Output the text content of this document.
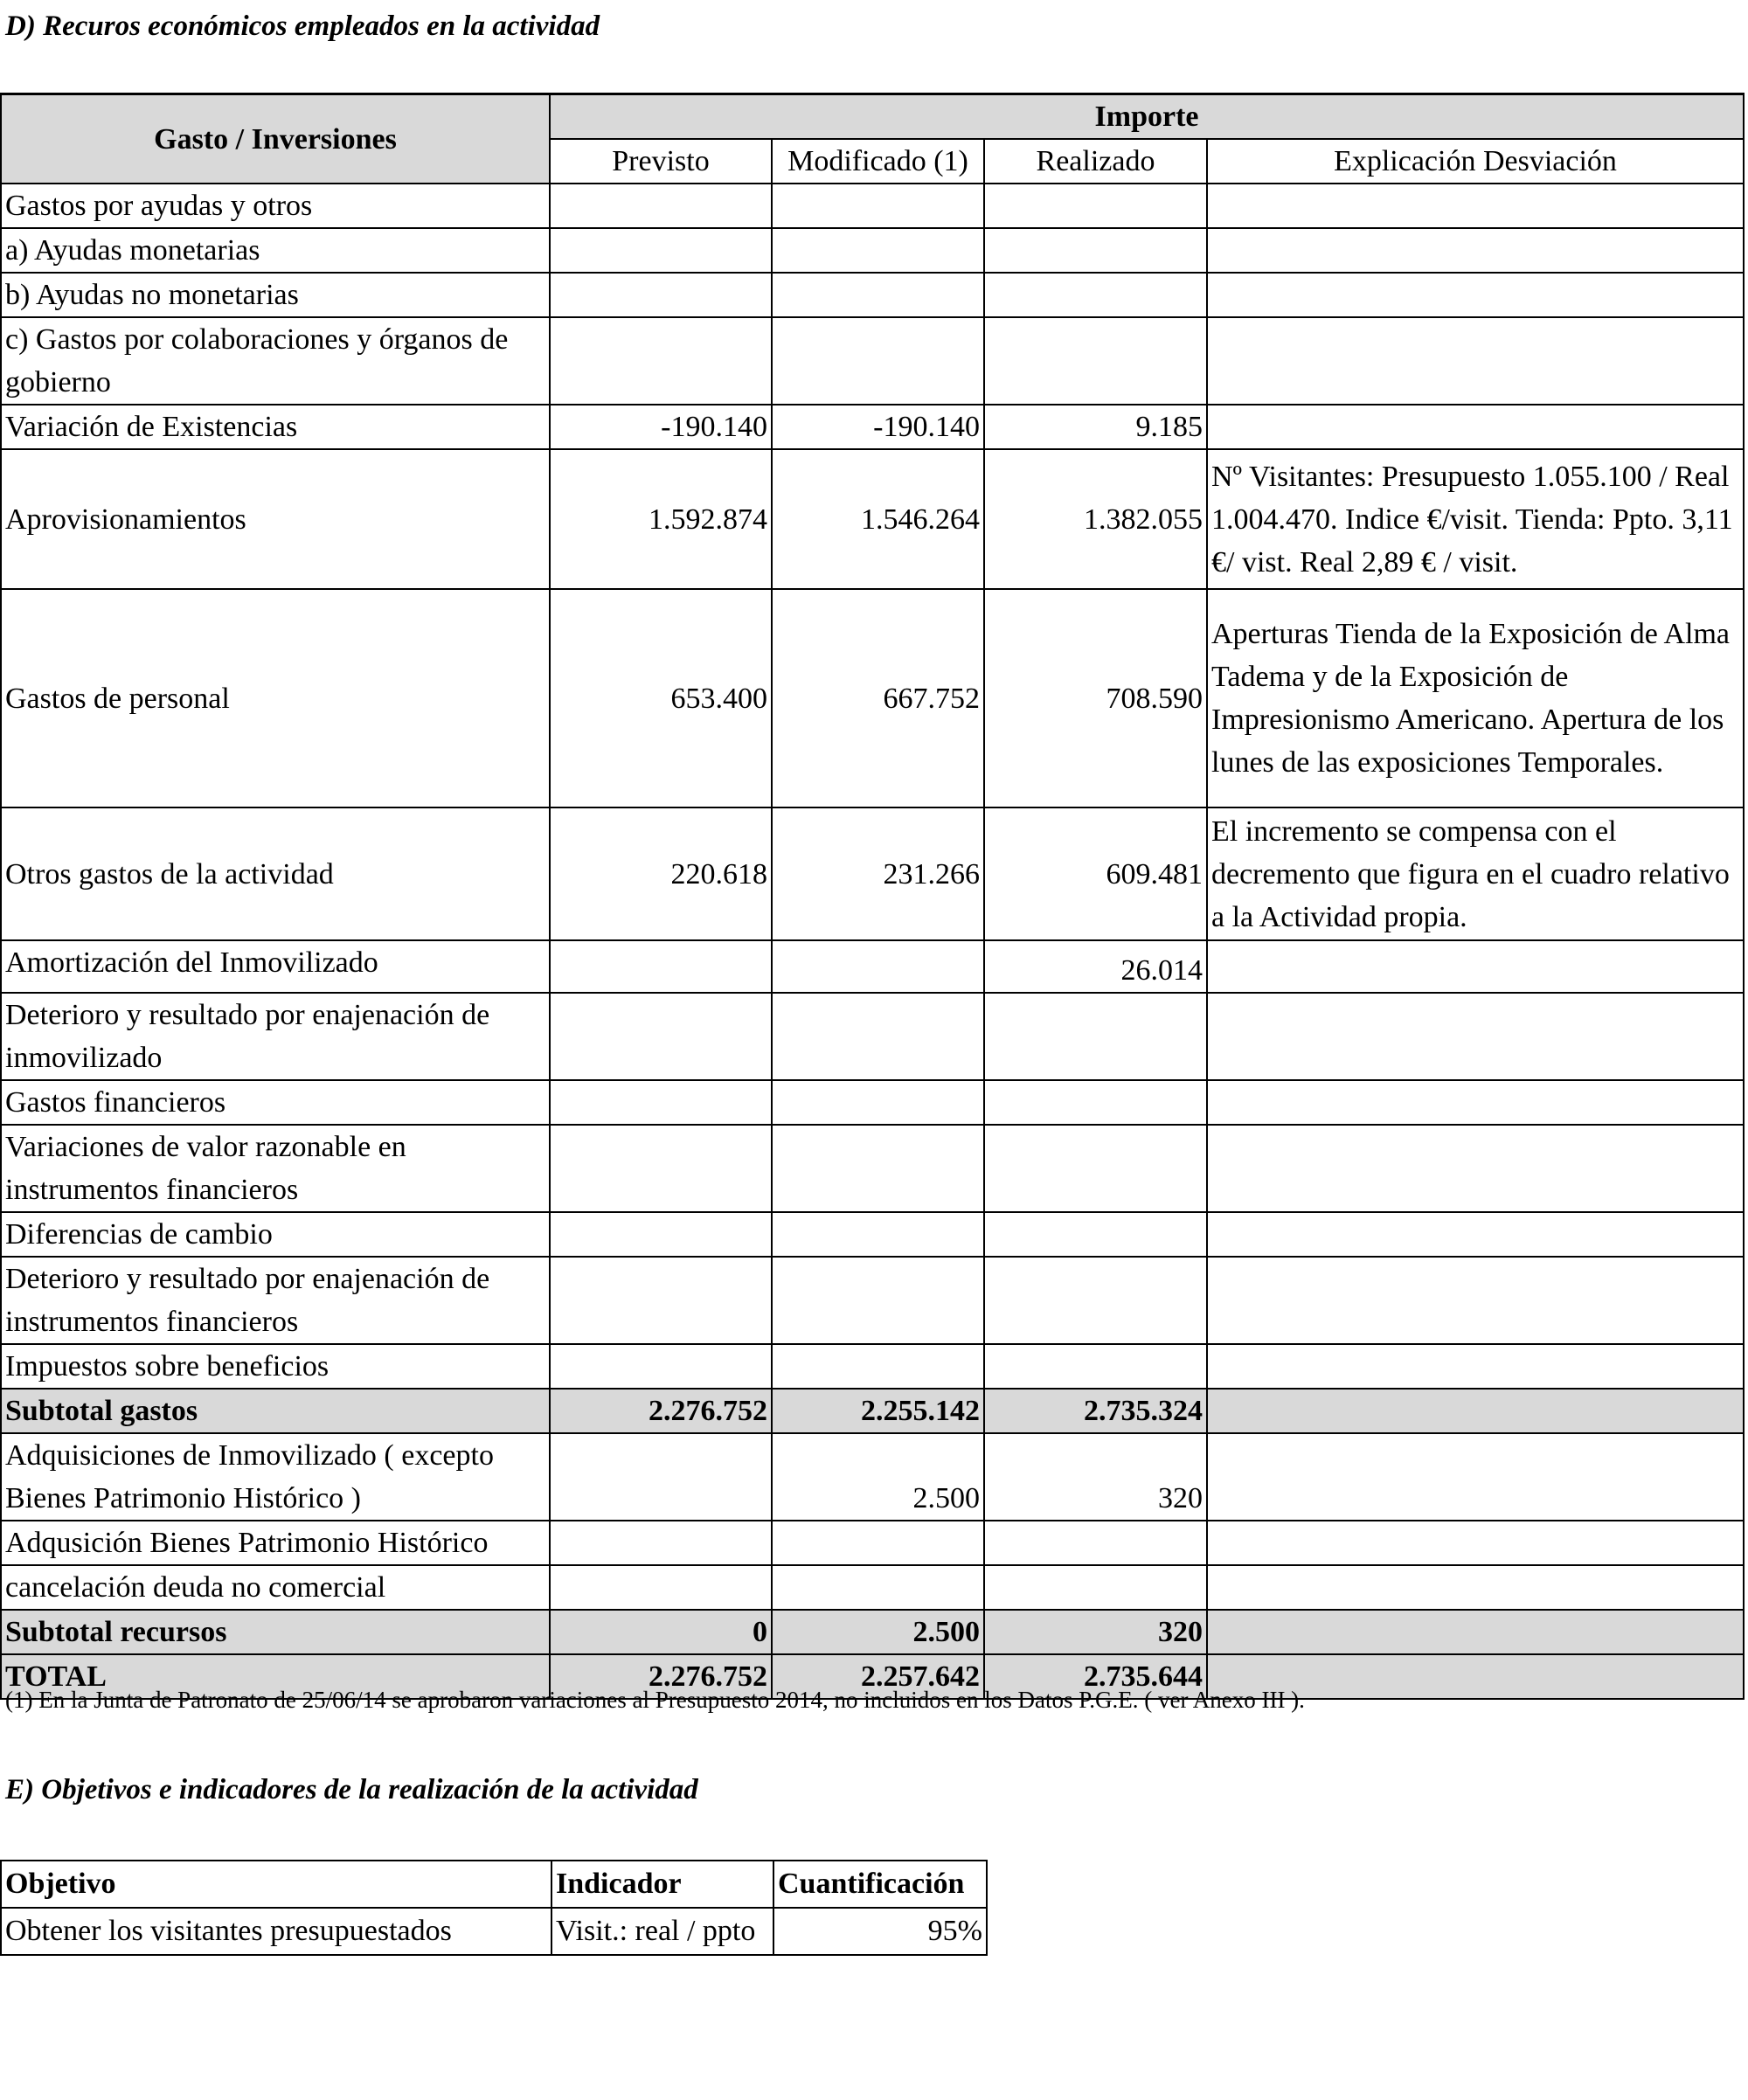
D) Recuros económicos empleados en la actividad

Gasto / Inversiones	Importe			
	Previsto	Modificado (1)	Realizado	Explicación Desviación
Gastos por ayudas y otros				
a) Ayudas monetarias				
b) Ayudas no monetarias				
c) Gastos por colaboraciones y órganos de gobierno				
Variación de Existencias	-190.140	-190.140	9.185	
Aprovisionamientos	1.592.874	1.546.264	1.382.055	Nº Visitantes: Presupuesto 1.055.100 / Real 1.004.470. Indice €/visit. Tienda: Ppto. 3,11 €/ vist. Real 2,89 € / visit.
Gastos de personal	653.400	667.752	708.590	Aperturas Tienda de la Exposición de Alma Tadema y de la Exposición de Impresionismo Americano. Apertura de los lunes de las exposiciones Temporales.
Otros gastos de la actividad	220.618	231.266	609.481	El incremento se compensa con el decremento que figura en el cuadro relativo a la Actividad propia.
Amortización del Inmovilizado			26.014	
Deterioro y resultado por enajenación de inmovilizado				
Gastos financieros				
Variaciones de valor razonable en instrumentos financieros				
Diferencias de cambio				
Deterioro y resultado por enajenación de instrumentos financieros				
Impuestos sobre beneficios				
Subtotal gastos	2.276.752	2.255.142	2.735.324	
Adquisiciones de Inmovilizado ( excepto Bienes Patrimonio Histórico )		2.500	320	
Adqusición Bienes Patrimonio Histórico				
cancelación deuda no comercial				
Subtotal recursos	0	2.500	320	
TOTAL	2.276.752	2.257.642	2.735.644	

(1) En la Junta de Patronato de 25/06/14 se aprobaron variaciones al Presupuesto 2014, no incluidos en los Datos P.G.E. ( ver Anexo III ).

E) Objetivos e indicadores de la realización de la actividad

Objetivo	Indicador	Cuantificación
Obtener los visitantes presupuestados	Visit.: real / ppto	95%
